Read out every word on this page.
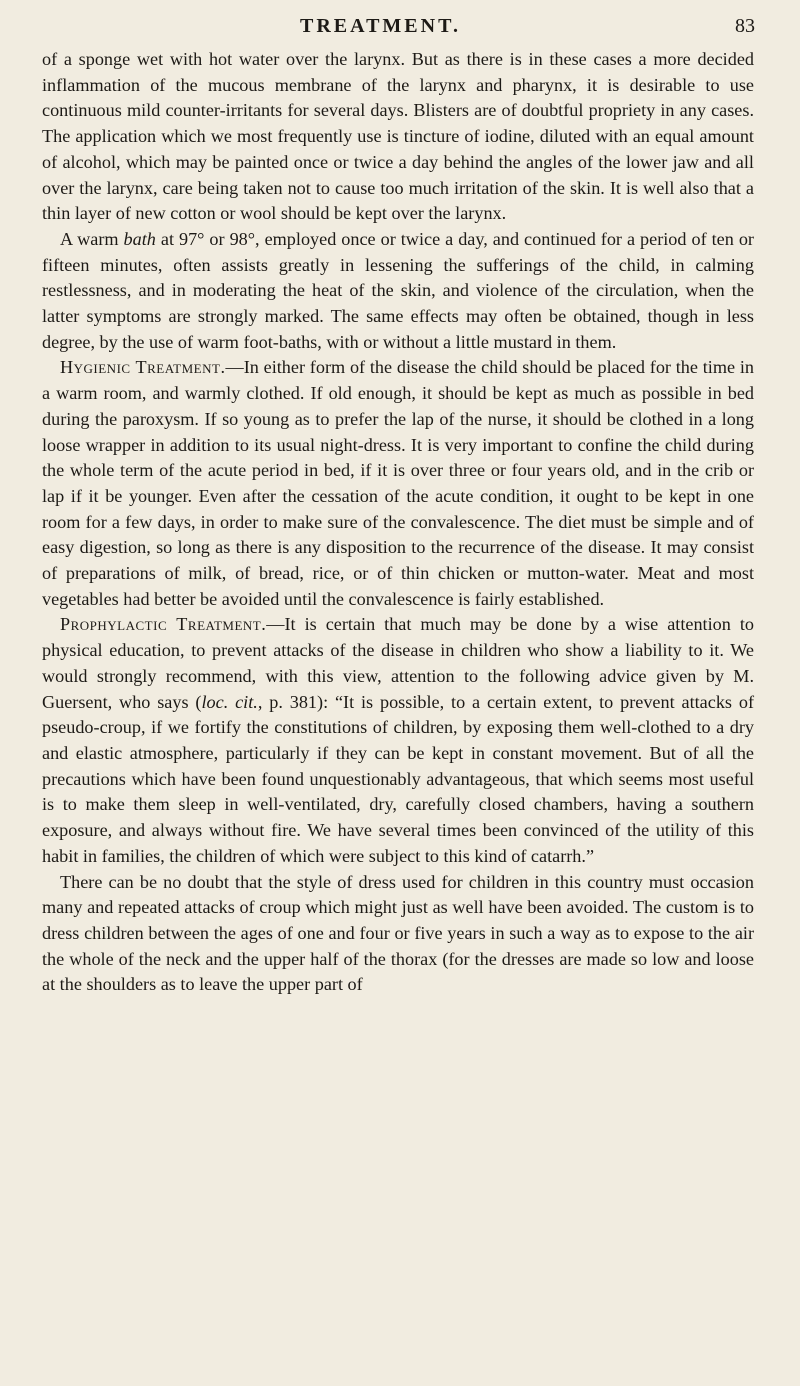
TREATMENT.	83

of a sponge wet with hot water over the larynx. But as there is in these cases a more decided inflammation of the mucous membrane of the larynx and pharynx, it is desirable to use continuous mild counter-irritants for several days. Blisters are of doubtful propriety in any cases. The application which we most frequently use is tincture of iodine, diluted with an equal amount of alcohol, which may be painted once or twice a day behind the angles of the lower jaw and all over the larynx, care being taken not to cause too much irritation of the skin. It is well also that a thin layer of new cotton or wool should be kept over the larynx.

A warm bath at 97° or 98°, employed once or twice a day, and continued for a period of ten or fifteen minutes, often assists greatly in lessening the sufferings of the child, in calming restlessness, and in moderating the heat of the skin, and violence of the circulation, when the latter symptoms are strongly marked. The same effects may often be obtained, though in less degree, by the use of warm foot-baths, with or without a little mustard in them.

Hygienic Treatment.—In either form of the disease the child should be placed for the time in a warm room, and warmly clothed. If old enough, it should be kept as much as possible in bed during the paroxysm. If so young as to prefer the lap of the nurse, it should be clothed in a long loose wrapper in addition to its usual night-dress. It is very important to confine the child during the whole term of the acute period in bed, if it is over three or four years old, and in the crib or lap if it be younger. Even after the cessation of the acute condition, it ought to be kept in one room for a few days, in order to make sure of the convalescence. The diet must be simple and of easy digestion, so long as there is any disposition to the recurrence of the disease. It may consist of preparations of milk, of bread, rice, or of thin chicken or mutton-water. Meat and most vegetables had better be avoided until the convalescence is fairly established.

Prophylactic Treatment.—It is certain that much may be done by a wise attention to physical education, to prevent attacks of the disease in children who show a liability to it. We would strongly recommend, with this view, attention to the following advice given by M. Guersent, who says (loc. cit., p. 381): “It is possible, to a certain extent, to prevent attacks of pseudo-croup, if we fortify the constitutions of children, by exposing them well-clothed to a dry and elastic atmosphere, particularly if they can be kept in constant movement. But of all the precautions which have been found unquestionably advantageous, that which seems most useful is to make them sleep in well-ventilated, dry, carefully closed chambers, having a southern exposure, and always without fire. We have several times been convinced of the utility of this habit in families, the children of which were subject to this kind of catarrh.”

There can be no doubt that the style of dress used for children in this country must occasion many and repeated attacks of croup which might just as well have been avoided. The custom is to dress children between the ages of one and four or five years in such a way as to expose to the air the whole of the neck and the upper half of the thorax (for the dresses are made so low and loose at the shoulders as to leave the upper part of
